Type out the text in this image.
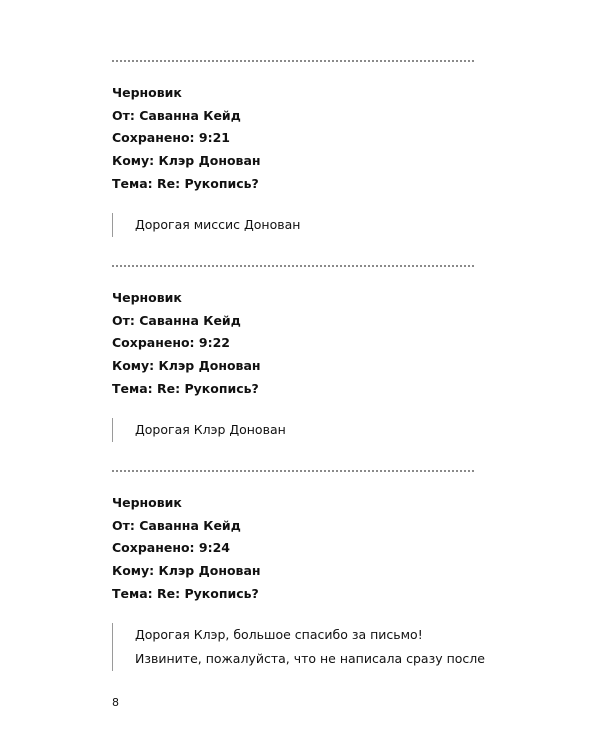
Черновик
От: Саванна Кейд
Сохранено: 9:21
Кому: Клэр Донован
Тема: Re: Рукопись?
Дорогая миссис Донован
Черновик
От: Саванна Кейд
Сохранено: 9:22
Кому: Клэр Донован
Тема: Re: Рукопись?
Дорогая Клэр Донован
Черновик
От: Саванна Кейд
Сохранено: 9:24
Кому: Клэр Донован
Тема: Re: Рукопись?
Дорогая Клэр, большое спасибо за письмо!
Извините, пожалуйста, что не написала сразу после
8
